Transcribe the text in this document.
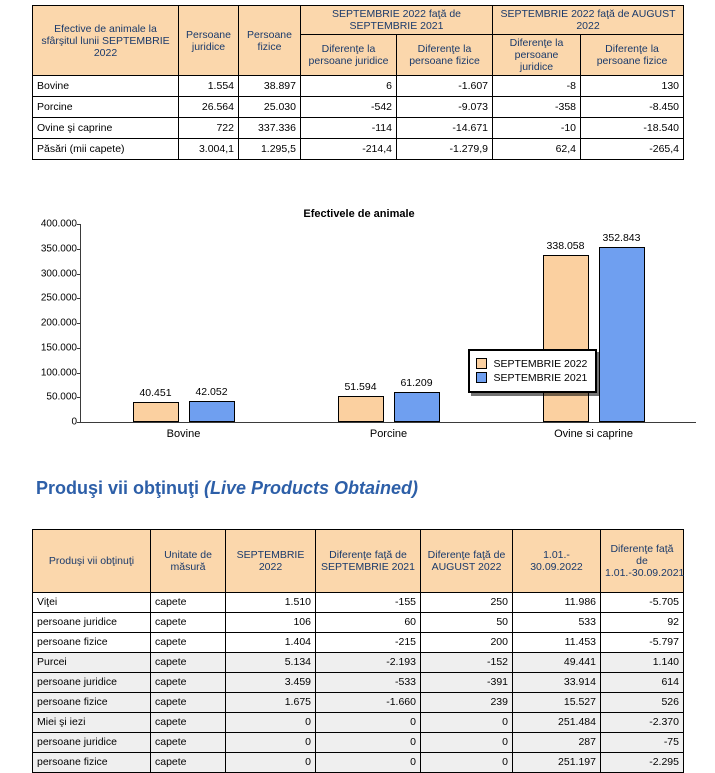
Efective de animale la sfârşitul lunii SEPTEMBRIE 2022	Persoane juridice	Persoane fizice	SEPTEMBRIE 2022 faţă de SEPTEMBRIE 2021		SEPTEMBRIE 2022 faţă de AUGUST 2022	
			Diferenţe la persoane juridice	Diferenţe la persoane fizice	Diferenţe la persoane juridice	Diferenţe la persoane fizice
Bovine	1.554	38.897	6	-1.607	-8	130
Porcine	26.564	25.030	-542	-9.073	-358	-8.450
Ovine şi caprine	722	337.336	-114	-14.671	-10	-18.540
Păsări (mii capete)	3.004,1	1.295,5	-214,4	-1.279,9	62,4	-265,4
Efectivele de animale
0
50.000
100.000
150.000
200.000
250.000
300.000
350.000
400.000
40.451 42.052
Bovine
51.594 61.209
Porcine
338.058
352.843
Ovine si caprine
SEPTEMBRIE 2022
SEPTEMBRIE 2021
Produşi vii obţinuţi (Live Products Obtained)
Produşi vii obţinuţi	Unitate de măsură	SEPTEMBRIE 2022	Diferenţe faţă de SEPTEMBRIE 2021	Diferenţe faţă de AUGUST 2022	1.01.- 30.09.2022	Diferenţe faţă de 1.01.-30.09.2021
Viţei	capete	1.510	-155	250	11.986	-5.705
persoane juridice	capete	106	60	50	533	92
persoane fizice	capete	1.404	-215	200	11.453	-5.797
Purcei	capete	5.134	-2.193	-152	49.441	1.140
persoane juridice	capete	3.459	-533	-391	33.914	614
persoane fizice	capete	1.675	-1.660	239	15.527	526
Miei şi iezi	capete	0	0	0	251.484	-2.370
persoane juridice	capete	0	0	0	287	-75
persoane fizice	capete	0	0	0	251.197	-2.295
